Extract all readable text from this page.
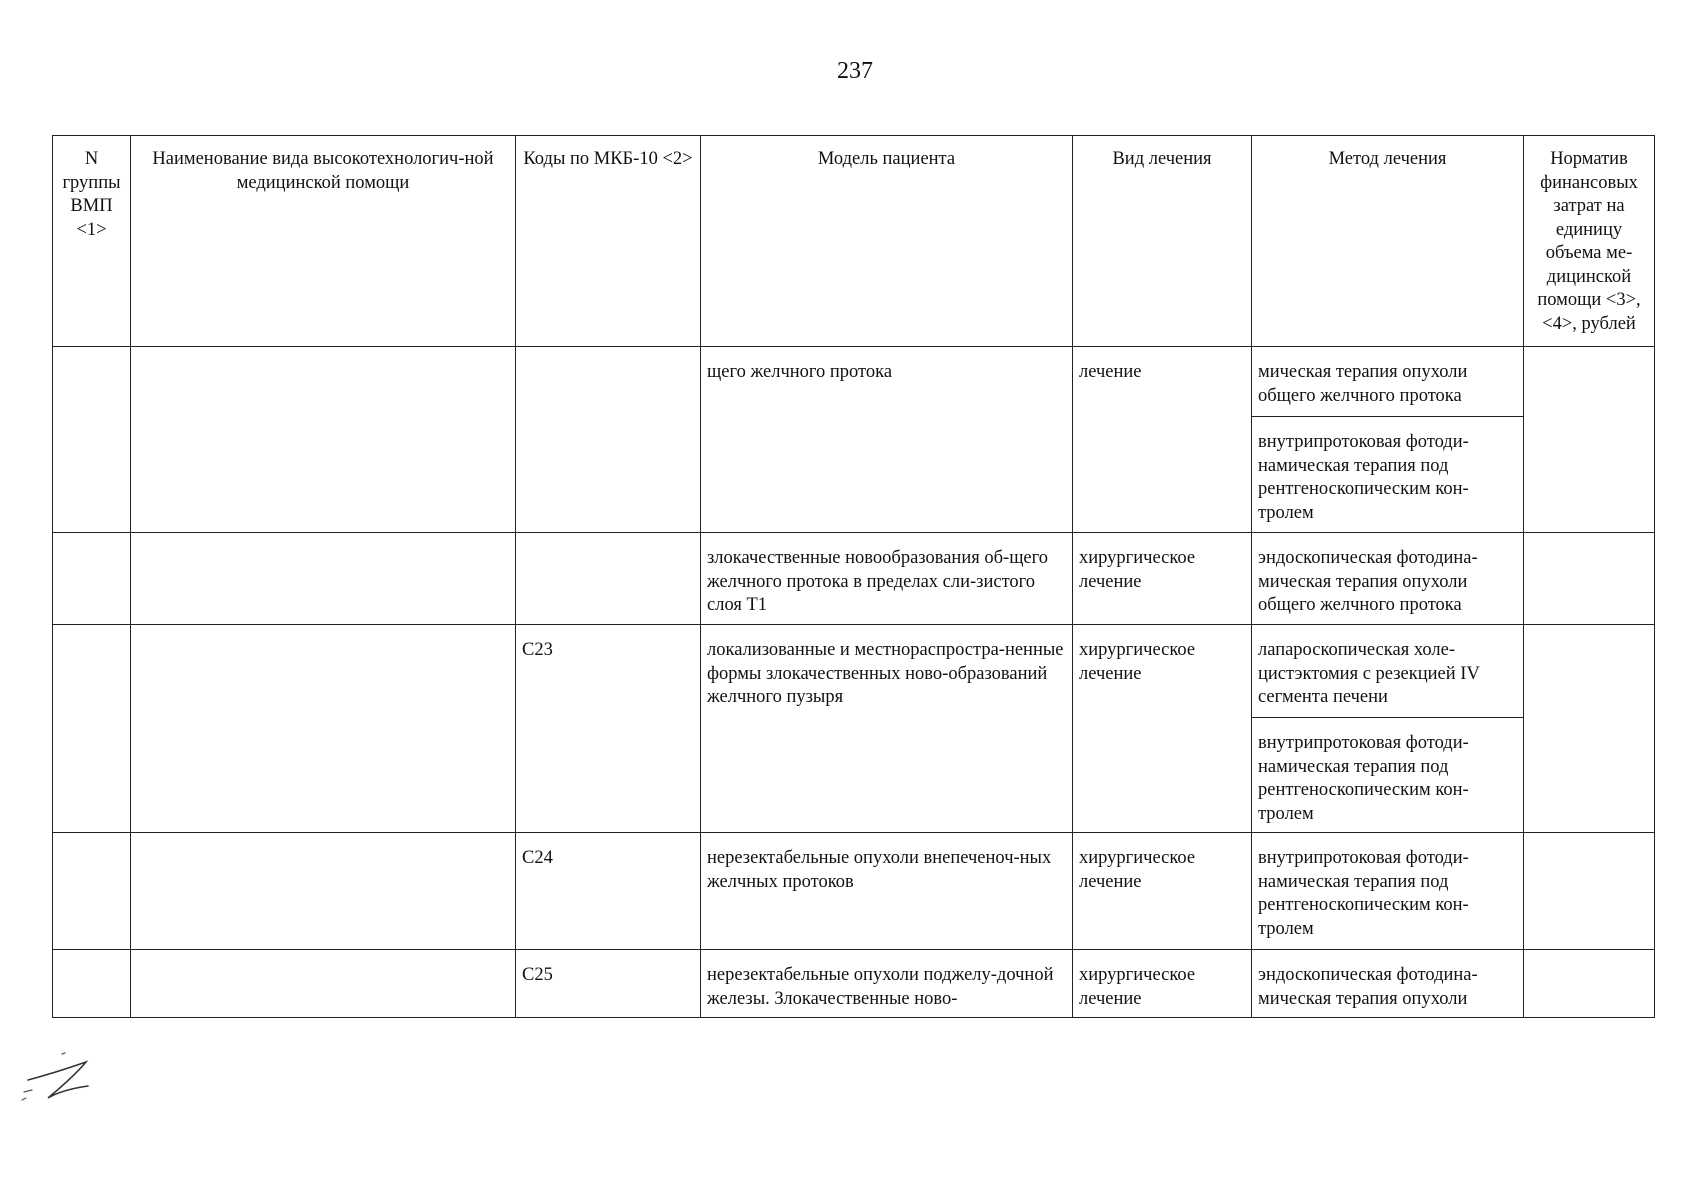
237
N группы ВМП <1>	Наименование вида высокотехнологич-ной медицинской помощи	Коды по МКБ-10 <2>	Модель пациента	Вид лечения	Метод лечения	Норматив финансовых затрат на единицу объема ме-дицинской помощи <3>, <4>, рублей
			щего желчного протока	лечение	мическая терапия опухоли общего желчного протока	
					внутрипротоковая фотоди-намическая терапия под рентгеноскопическим кон-тролем	
			злокачественные новообразования об-щего желчного протока в пределах сли-зистого слоя T1	хирургическое лечение	эндоскопическая фотодина-мическая терапия опухоли общего желчного протока	
		C23	локализованные и местнораспростра-ненные формы злокачественных ново-образований желчного пузыря	хирургическое лечение	лапароскопическая холе-цистэктомия с резекцией IV сегмента печени	
					внутрипротоковая фотоди-намическая терапия под рентгеноскопическим кон-тролем	
		C24	нерезектабельные опухоли внепеченоч-ных желчных протоков	хирургическое лечение	внутрипротоковая фотоди-намическая терапия под рентгеноскопическим кон-тролем	
		C25	нерезектабельные опухоли поджелу-дочной железы. Злокачественные ново-	хирургическое лечение	эндоскопическая фотодина-мическая терапия опухоли	
